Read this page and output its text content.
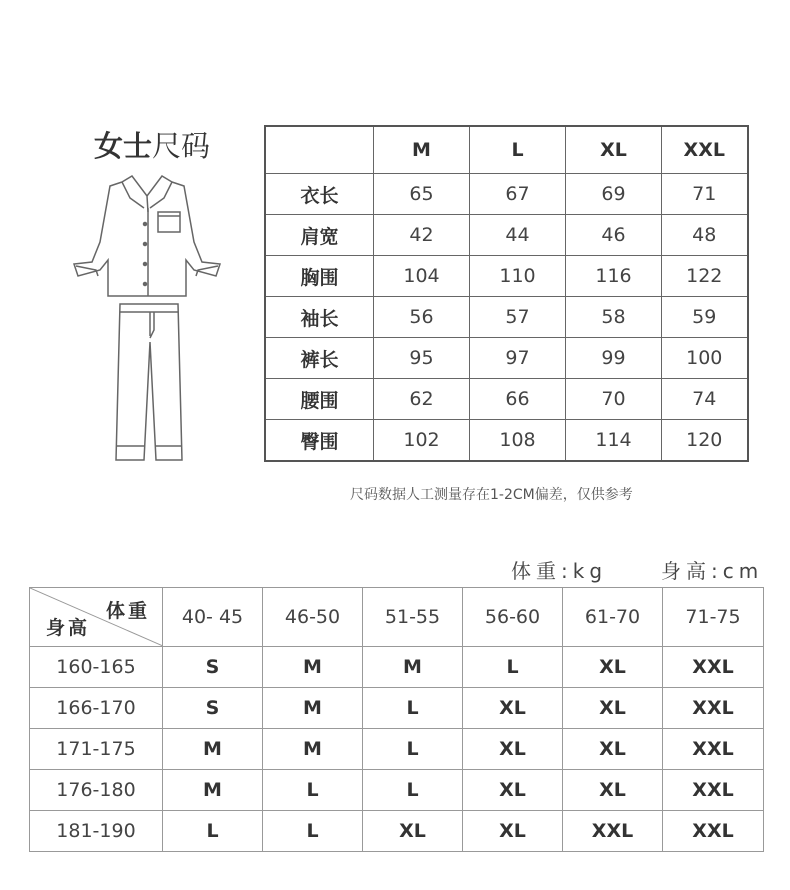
女士尺码
		M	L	XL	XXL
衣长	65	67	69	71
肩宽	42	44	46	48
胸围	104	110	116	122
袖长	56	57	58	59
裤长	95	97	99	100
腰围	62	66	70	74
臀围	102	108	114	120
尺码数据人工测量存在1-2CM偏差，仅供参考
体重:kg	身高:cm
体重
身高	40- 45	46-50	51-55	56-60	61-70	71-75
160-165	S	M	M	L	XL	XXL
166-170	S	M	L	XL	XL	XXL
171-175	M	M	L	XL	XL	XXL
176-180	M	L	L	XL	XL	XXL
181-190	L	L	XL	XL	XXL	XXL
